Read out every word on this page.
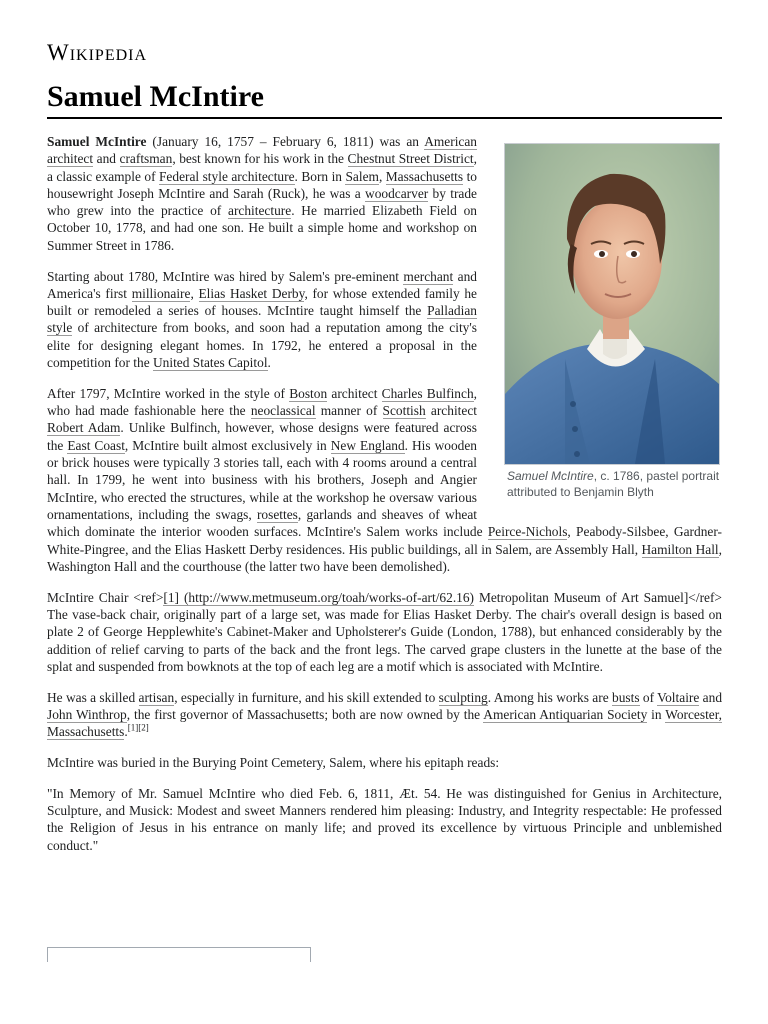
Wikipedia
Samuel McIntire
Samuel McIntire, c. 1786, pastel portrait attributed to Benjamin Blyth

Samuel McIntire (January 16, 1757 – February 6, 1811) was an American architect and craftsman, best known for his work in the Chestnut Street District, a classic example of Federal style architecture. Born in Salem, Massachusetts to housewright Joseph McIntire and Sarah (Ruck), he was a woodcarver by trade who grew into the practice of architecture. He married Elizabeth Field on October 10, 1778, and had one son. He built a simple home and workshop on Summer Street in 1786.

Starting about 1780, McIntire was hired by Salem's pre-eminent merchant and America's first millionaire, Elias Hasket Derby, for whose extended family he built or remodeled a series of houses. McIntire taught himself the Palladian style of architecture from books, and soon had a reputation among the city's elite for designing elegant homes. In 1792, he entered a proposal in the competition for the United States Capitol.

After 1797, McIntire worked in the style of Boston architect Charles Bulfinch, who had made fashionable here the neoclassical manner of Scottish architect Robert Adam. Unlike Bulfinch, however, whose designs were featured across the East Coast, McIntire built almost exclusively in New England. His wooden or brick houses were typically 3 stories tall, each with 4 rooms around a central hall. In 1799, he went into business with his brothers, Joseph and Angier McIntire, who erected the structures, while at the workshop he oversaw various ornamentations, including the swags, rosettes, garlands and sheaves of wheat which dominate the interior wooden surfaces. McIntire's Salem works include Peirce-Nichols, Peabody-Silsbee, Gardner-White-Pingree, and the Elias Haskett Derby residences. His public buildings, all in Salem, are Assembly Hall, Hamilton Hall, Washington Hall and the courthouse (the latter two have been demolished).

McIntire Chair <ref>[1] (http://www.metmuseum.org/toah/works-of-art/62.16) Metropolitan Museum of Art Samuel]</ref> The vase-back chair, originally part of a large set, was made for Elias Hasket Derby. The chair's overall design is based on plate 2 of George Hepplewhite's Cabinet-Maker and Upholsterer's Guide (London, 1788), but enhanced considerably by the addition of relief carving to parts of the back and the front legs. The carved grape clusters in the lunette at the base of the splat and suspended from bowknots at the top of each leg are a motif which is associated with McIntire.

He was a skilled artisan, especially in furniture, and his skill extended to sculpting. Among his works are busts of Voltaire and John Winthrop, the first governor of Massachusetts; both are now owned by the American Antiquarian Society in Worcester, Massachusetts.[1][2]

McIntire was buried in the Burying Point Cemetery, Salem, where his epitaph reads:

"In Memory of Mr. Samuel McIntire who died Feb. 6, 1811, Æt. 54. He was distinguished for Genius in Architecture, Sculpture, and Musick: Modest and sweet Manners rendered him pleasing: Industry, and Integrity respectable: He professed the Religion of Jesus in his entrance on manly life; and proved its excellence by virtuous Principle and unblemished conduct."
